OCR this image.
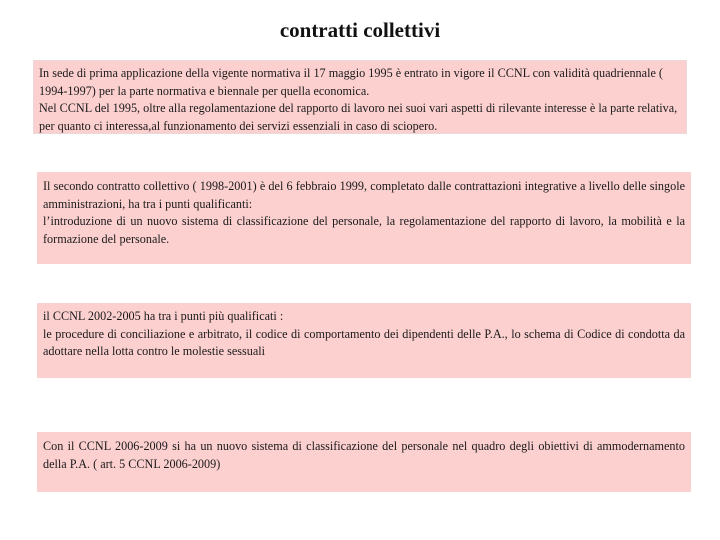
contratti collettivi

In sede di prima applicazione della vigente normativa il 17 maggio 1995 è entrato in vigore il CCNL con validità quadriennale ( 1994-1997) per la parte normativa e biennale per quella economica.

Nel CCNL del 1995, oltre alla regolamentazione del rapporto di lavoro nei suoi vari aspetti di rilevante interesse è la parte relativa, per quanto ci interessa,al funzionamento dei servizi essenziali in caso di sciopero.

Il secondo contratto collettivo ( 1998-2001) è del 6 febbraio 1999, completato dalle contrattazioni integrative a livello delle singole amministrazioni, ha tra i punti qualificanti:

l’introduzione di un nuovo sistema di classificazione del personale, la regolamentazione del rapporto di lavoro, la mobilità e la formazione del personale.

il CCNL 2002-2005 ha tra i punti più qualificati :

le procedure di conciliazione e arbitrato, il codice di comportamento dei dipendenti delle P.A., lo schema di Codice di condotta da adottare nella lotta contro le molestie sessuali

Con il CCNL 2006-2009 si ha un nuovo sistema di classificazione del personale nel quadro degli obiettivi di ammodernamento della P.A. ( art. 5 CCNL 2006-2009)
